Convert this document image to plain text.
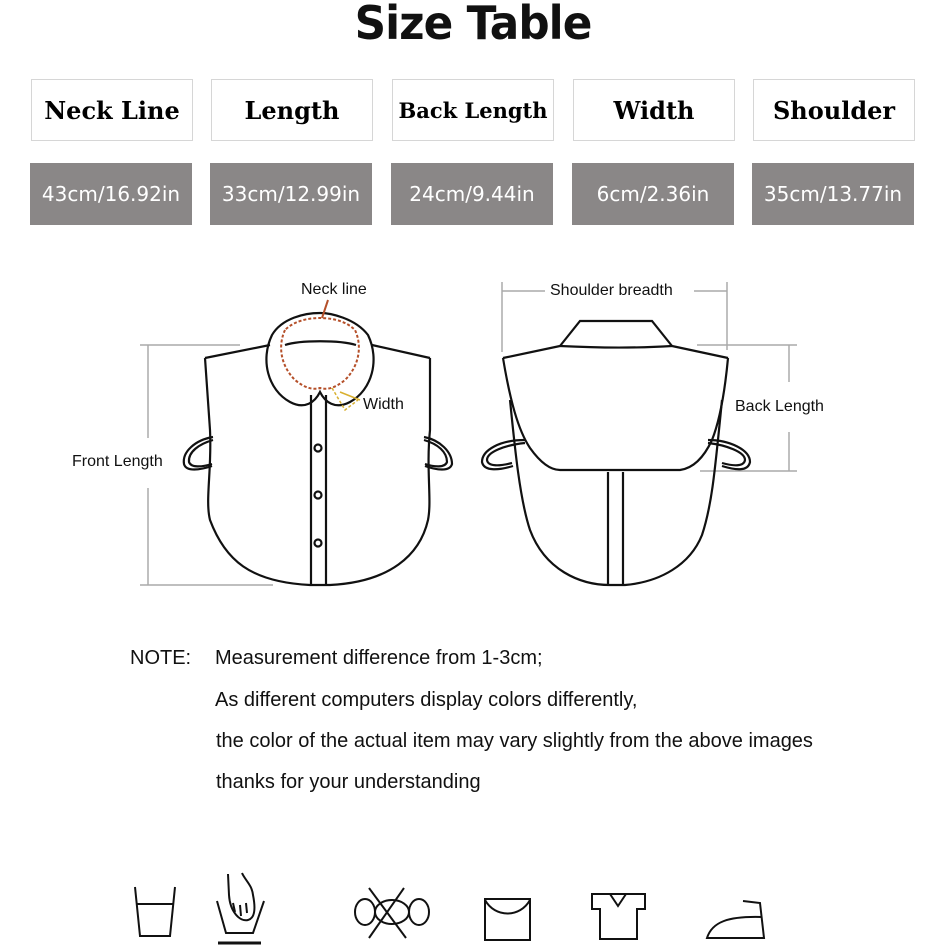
Size Table
Neck Line	Length	Back Length	Width	Shoulder
43cm/16.92in	33cm/12.99in	24cm/9.44in	6cm/2.36in	35cm/13.77in
Neck line
Width
Front Length
Shoulder breadth
Back Length
NOTE: Measurement difference from 1-3cm;
As different computers display colors differently,
the color of the actual item may vary slightly from the above images
thanks for your understanding
